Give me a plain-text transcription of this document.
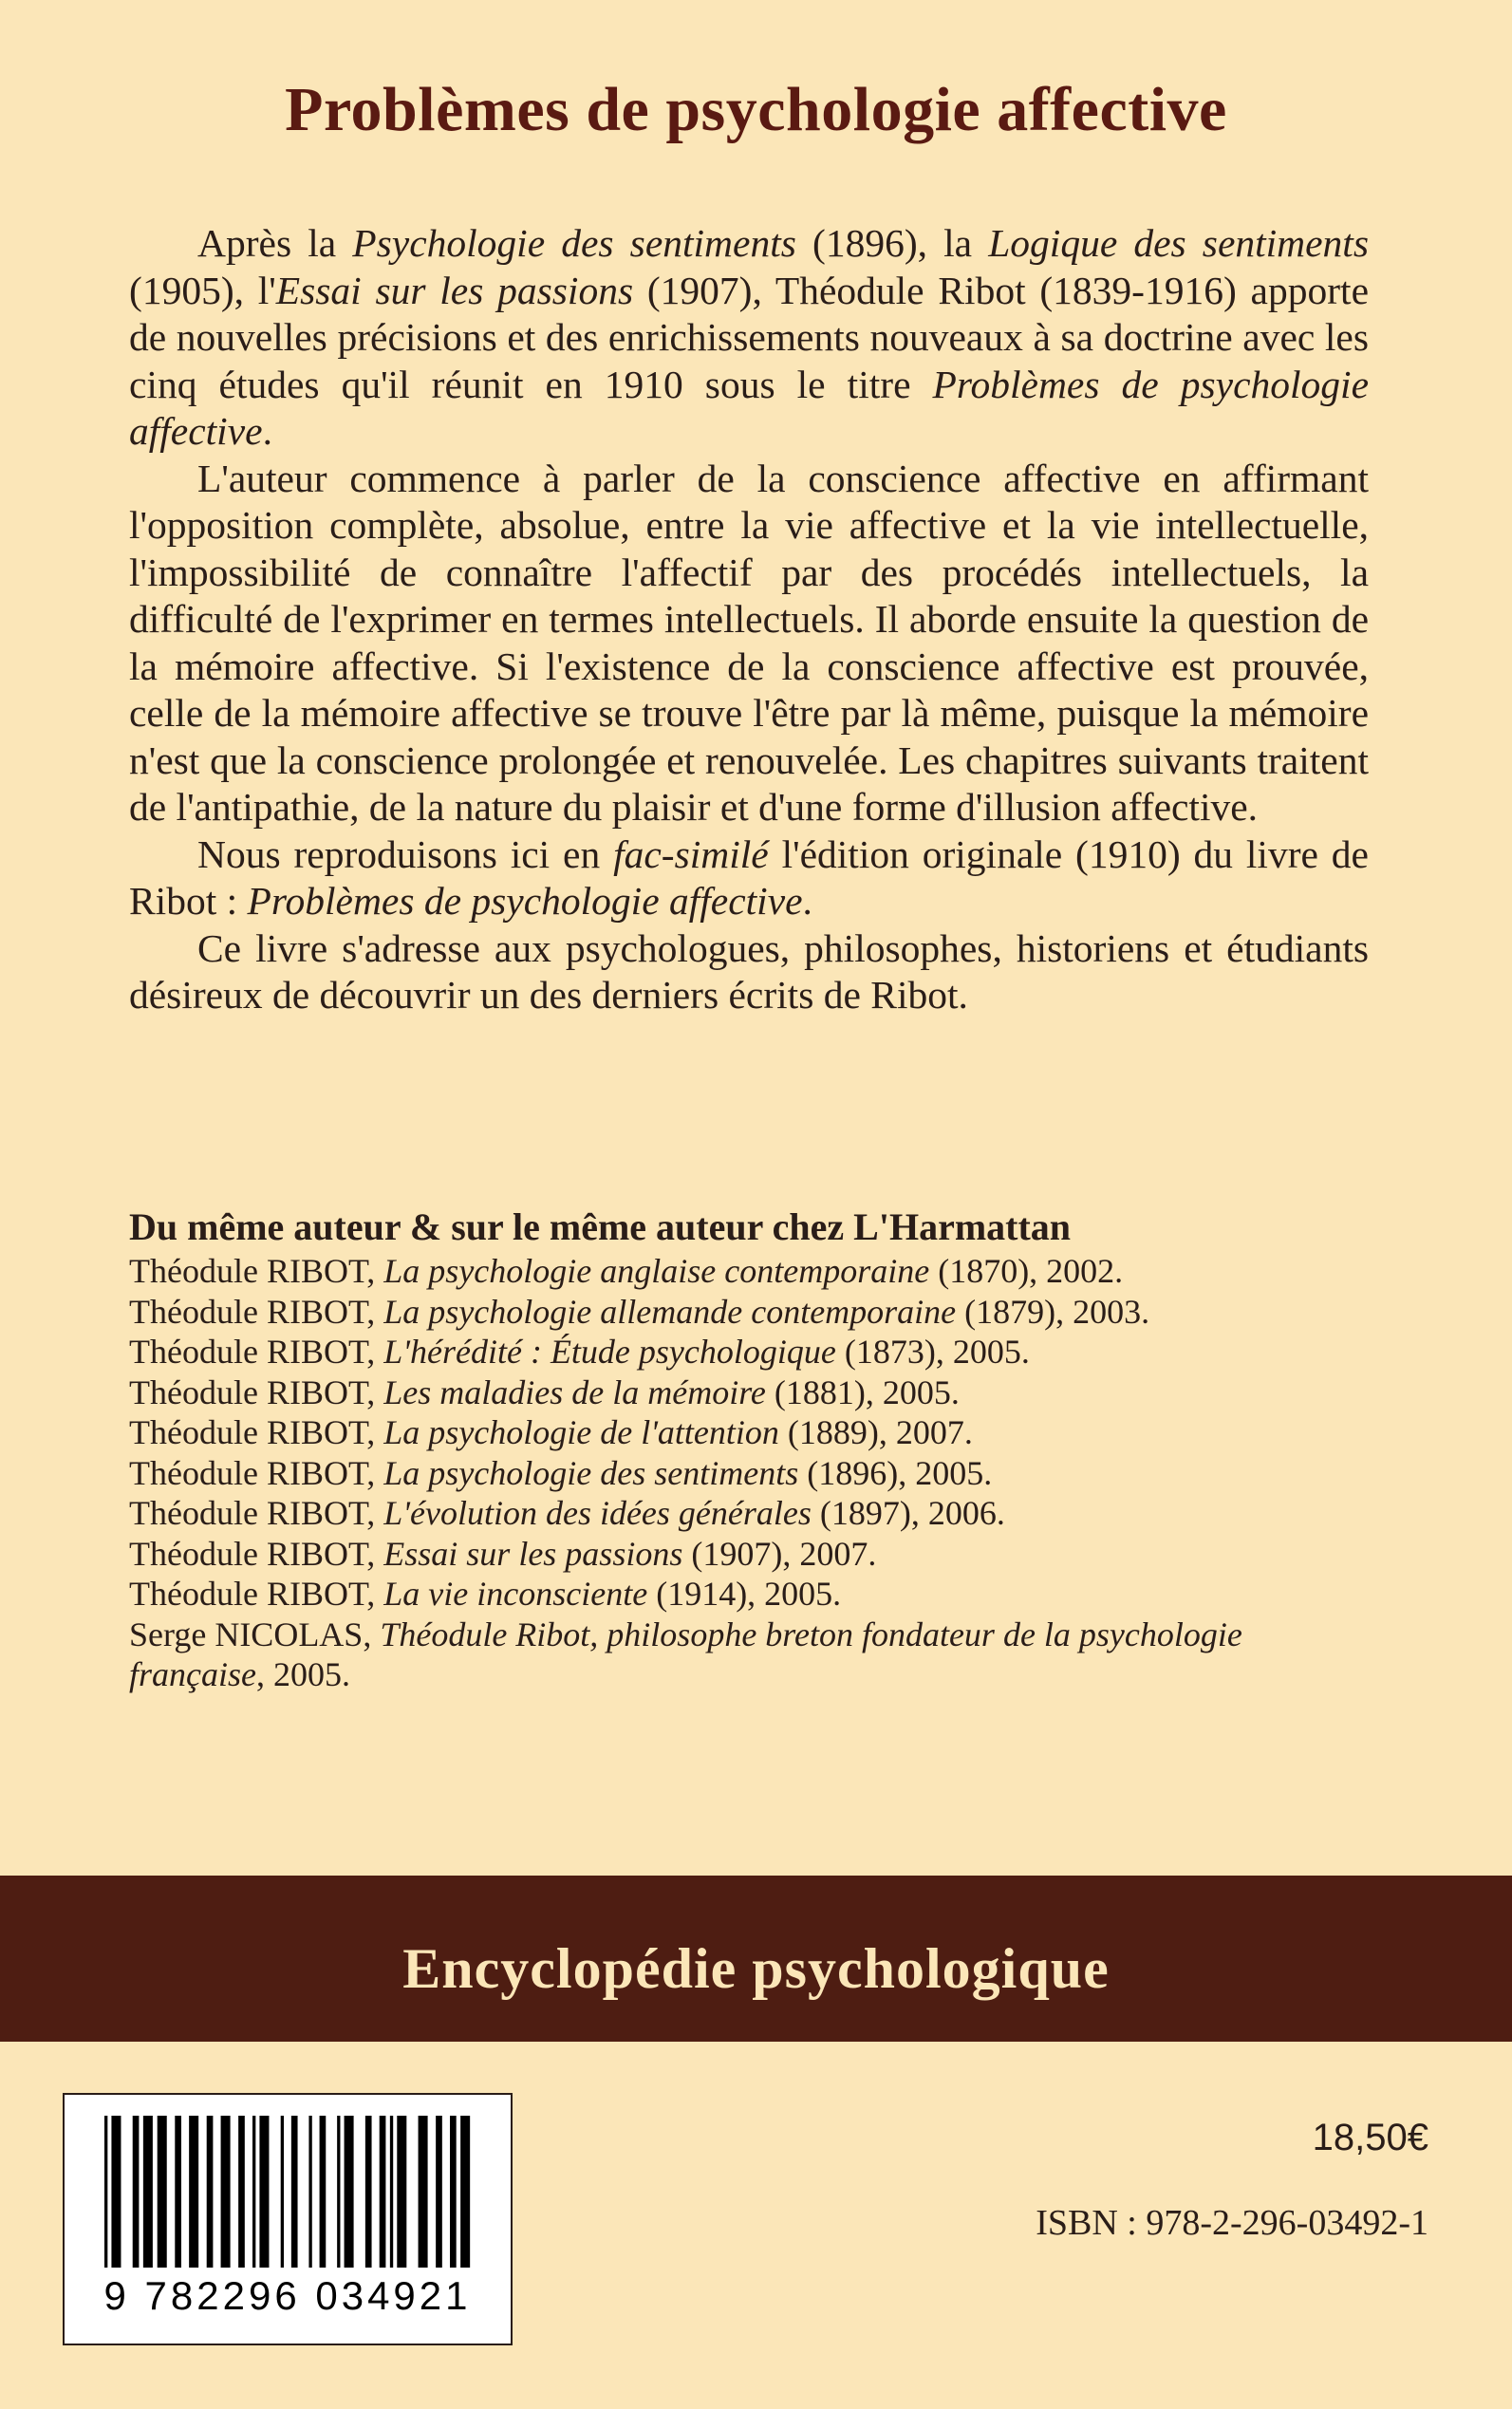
Problèmes de psychologie affective

Après la Psychologie des sentiments (1896), la Logique des sentiments (1905), l'Essai sur les passions (1907), Théodule Ribot (1839-1916) apporte de nouvelles précisions et des enrichissements nouveaux à sa doctrine avec les cinq études qu'il réunit en 1910 sous le titre Problèmes de psychologie affective.

L'auteur commence à parler de la conscience affective en affirmant l'opposition complète, absolue, entre la vie affective et la vie intellectuelle, l'impossibilité de connaître l'affectif par des procédés intellectuels, la difficulté de l'exprimer en termes intellectuels. Il aborde ensuite la question de la mémoire affective. Si l'existence de la conscience affective est prouvée, celle de la mémoire affective se trouve l'être par là même, puisque la mémoire n'est que la conscience prolongée et renouvelée. Les chapitres suivants traitent de l'antipathie, de la nature du plaisir et d'une forme d'illusion affective.

Nous reproduisons ici en fac-similé l'édition originale (1910) du livre de Ribot : Problèmes de psychologie affective.

Ce livre s'adresse aux psychologues, philosophes, historiens et étudiants désireux de découvrir un des derniers écrits de Ribot.

Du même auteur & sur le même auteur chez L'Harmattan
Théodule RIBOT, La psychologie anglaise contemporaine (1870), 2002.
Théodule RIBOT, La psychologie allemande contemporaine (1879), 2003.
Théodule RIBOT, L'hérédité : Étude psychologique (1873), 2005.
Théodule RIBOT, Les maladies de la mémoire (1881), 2005.
Théodule RIBOT, La psychologie de l'attention (1889), 2007.
Théodule RIBOT, La psychologie des sentiments (1896), 2005.
Théodule RIBOT, L'évolution des idées générales (1897), 2006.
Théodule RIBOT, Essai sur les passions (1907), 2007.
Théodule RIBOT, La vie inconsciente (1914), 2005.
Serge NICOLAS, Théodule Ribot, philosophe breton fondateur de la psychologie française, 2005.
Encyclopédie psychologique
18,50€
ISBN : 978-2-296-03492-1
9 782296 034921
